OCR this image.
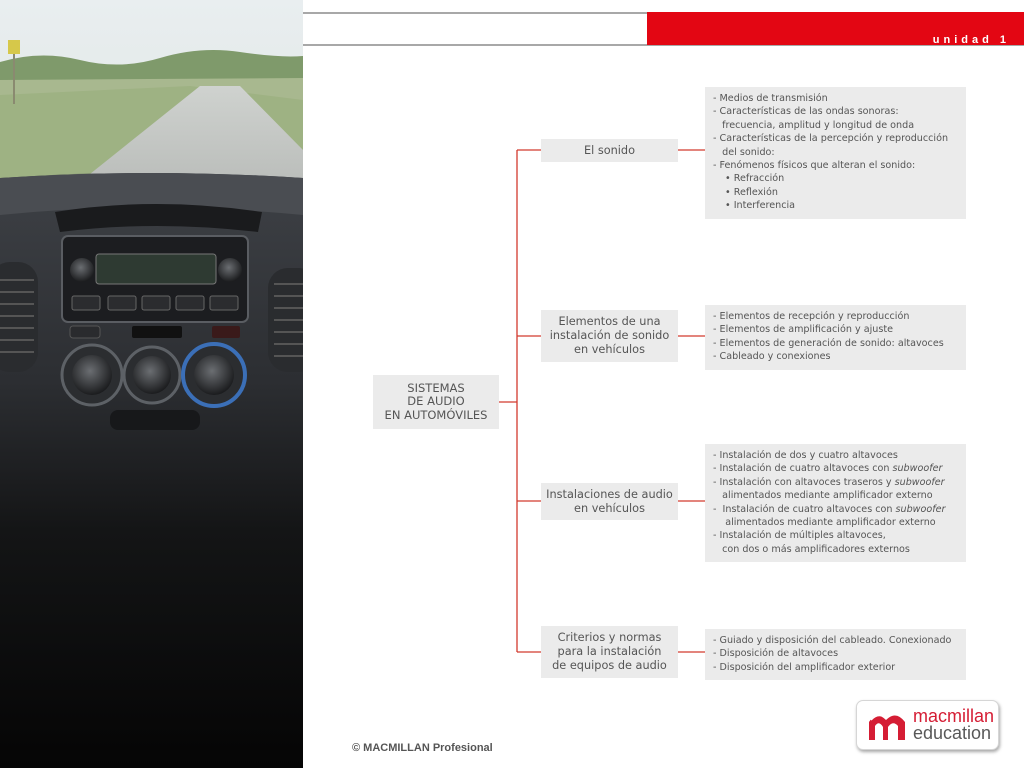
unidad 1
SISTEMAS
DE AUDIO
EN AUTOMÓVILES
El sonido
Elementos de una
instalación de sonido
en vehículos
Instalaciones de audio
en vehículos
Criterios y normas
para la instalación
de equipos de audio
- Medios de transmisión
- Características de las ondas sonoras:
frecuencia, amplitud y longitud de onda
- Características de la percepción y reproducción
del sonido:
- Fenómenos físicos que alteran el sonido:
• Refracción
• Reflexión
• Interferencia
- Elementos de recepción y reproducción
- Elementos de amplificación y ajuste
- Elementos de generación de sonido: altavoces
- Cableado y conexiones
- Instalación de dos y cuatro altavoces
- Instalación de cuatro altavoces con subwoofer
- Instalación con altavoces traseros y subwoofer
alimentados mediante amplificador externo
-  Instalación de cuatro altavoces con subwoofer
alimentados mediante amplificador externo
- Instalación de múltiples altavoces,
con dos o más amplificadores externos
- Guiado y disposición del cableado. Conexionado
- Disposición de altavoces
- Disposición del amplificador exterior
© MACMILLAN Profesional
macmillan
education
